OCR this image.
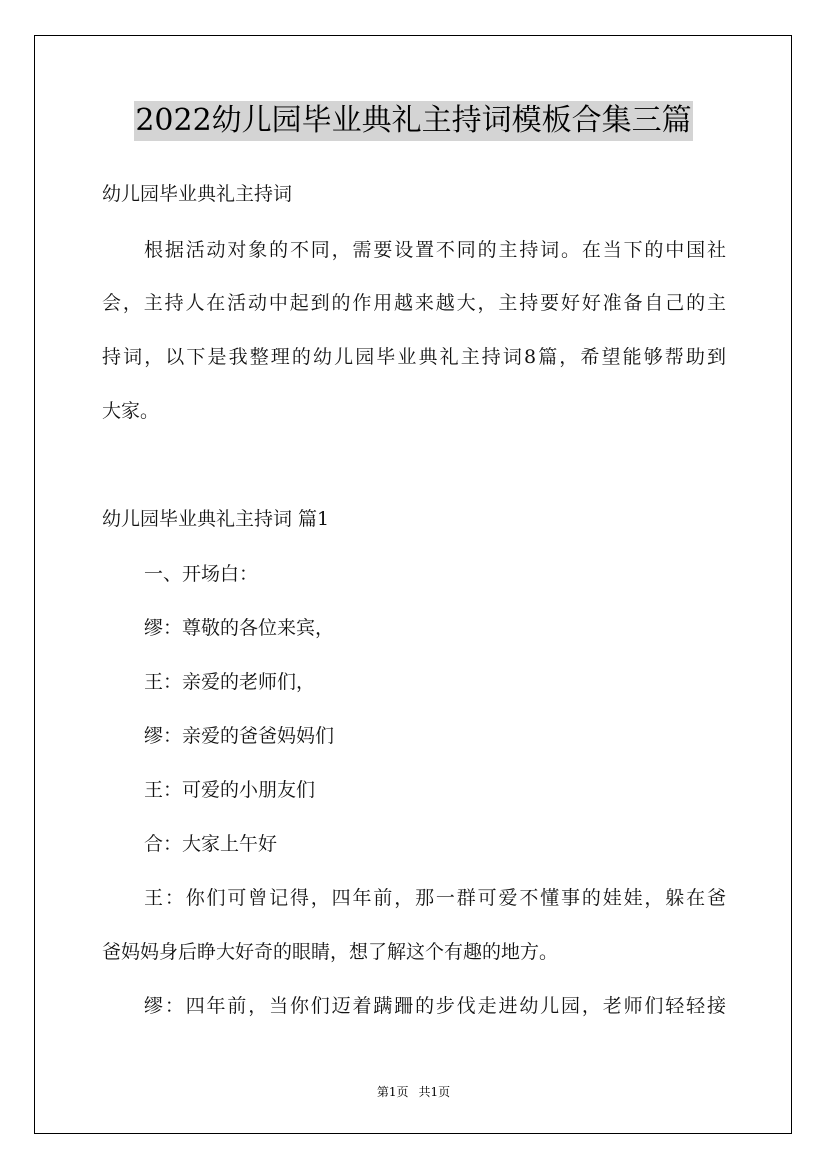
2022幼儿园毕业典礼主持词模板合集三篇
幼儿园毕业典礼主持词
根据活动对象的不同，需要设置不同的主持词。在当下的中国社
会，主持人在活动中起到的作用越来越大，主持要好好准备自己的主
持词，以下是我整理的幼儿园毕业典礼主持词8篇，希望能够帮助到
大家。
幼儿园毕业典礼主持词 篇1
一、开场白：
缪：尊敬的各位来宾，
王：亲爱的老师们，
缪：亲爱的爸爸妈妈们
王：可爱的小朋友们
合：大家上午好
王：你们可曾记得，四年前，那一群可爱不懂事的娃娃，躲在爸
爸妈妈身后睁大好奇的眼睛，想了解这个有趣的地方。
缪：四年前，当你们迈着蹒跚的步伐走进幼儿园，老师们轻轻接
第1页 共1页
